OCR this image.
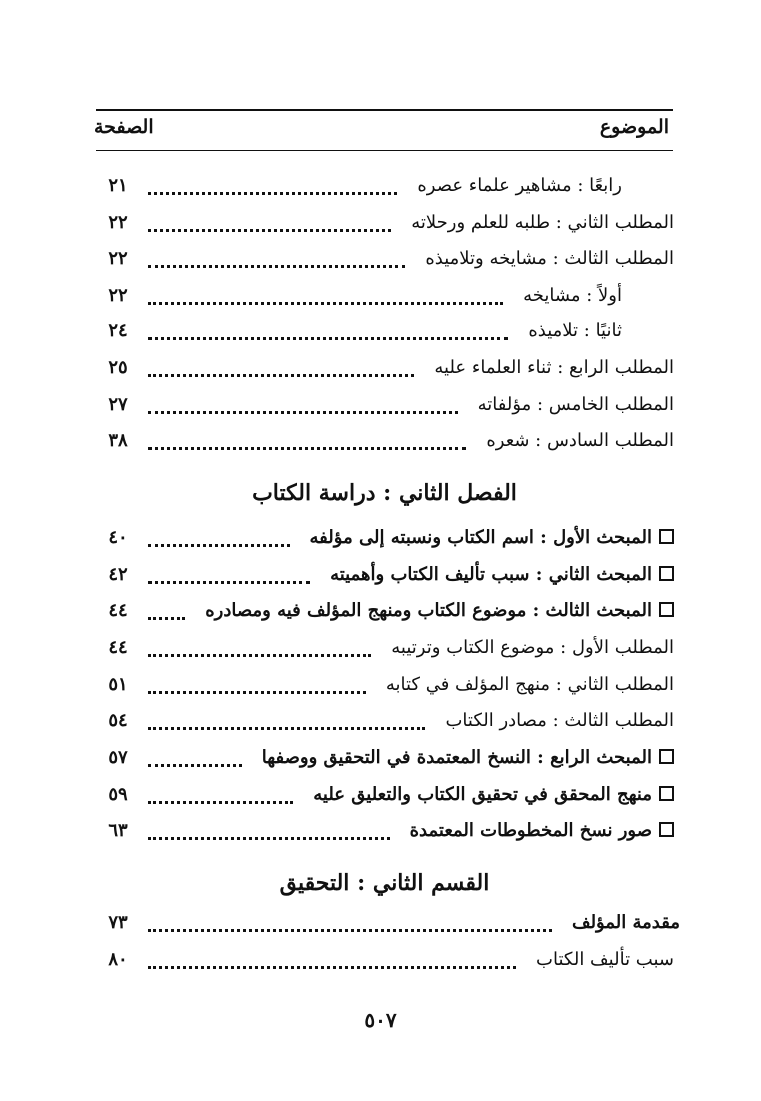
الموضوع
الصفحة
رابعًا : مشاهير علماء عصره
٢١
المطلب الثاني : طلبه للعلم ورحلاته
٢٢
المطلب الثالث : مشايخه وتلاميذه
٢٢
أولاً : مشايخه
٢٢
ثانيًا : تلاميذه
٢٤
المطلب الرابع : ثناء العلماء عليه
٢٥
المطلب الخامس : مؤلفاته
٢٧
المطلب السادس : شعره
٣٨
الفصل الثاني : دراسة الكتاب
المبحث الأول : اسم الكتاب ونسبته إلى مؤلفه
٤٠
المبحث الثاني : سبب تأليف الكتاب وأهميته
٤٢
المبحث الثالث : موضوع الكتاب ومنهج المؤلف فيه ومصادره
٤٤
المطلب الأول : موضوع الكتاب وترتيبه
٤٤
المطلب الثاني : منهج المؤلف في كتابه
٥١
المطلب الثالث : مصادر الكتاب
٥٤
المبحث الرابع : النسخ المعتمدة في التحقيق ووصفها
٥٧
منهج المحقق في تحقيق الكتاب والتعليق عليه
٥٩
صور نسخ المخطوطات المعتمدة
٦٣
القسم الثاني : التحقيق
مقدمة المؤلف
٧٣
سبب تأليف الكتاب
٨٠
٥٠٧
